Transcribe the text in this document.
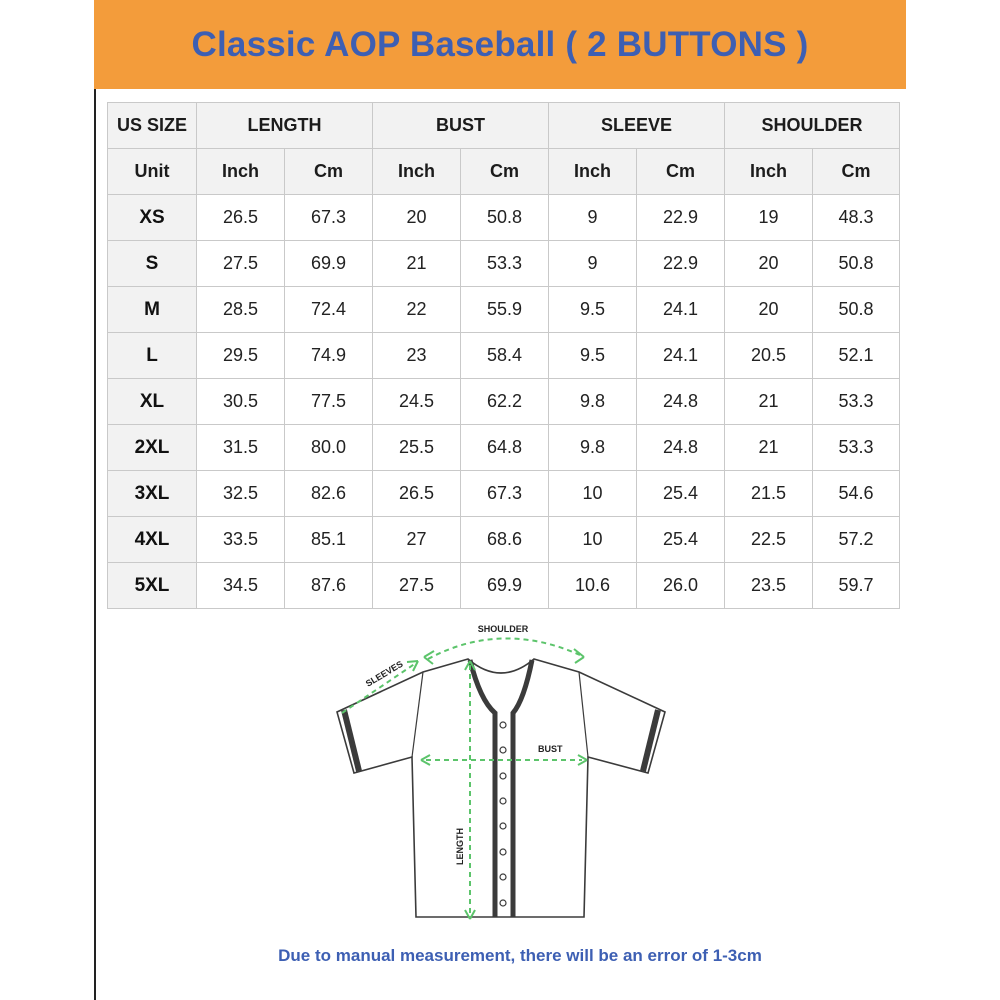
Classic AOP Baseball ( 2 BUTTONS )
US SIZE	LENGTH		BUST		SLEEVE		SHOULDER	
Unit	Inch	Cm	Inch	Cm	Inch	Cm	Inch	Cm
XS	26.5	67.3	20	50.8	9	22.9	19	48.3
S	27.5	69.9	21	53.3	9	22.9	20	50.8
M	28.5	72.4	22	55.9	9.5	24.1	20	50.8
L	29.5	74.9	23	58.4	9.5	24.1	20.5	52.1
XL	30.5	77.5	24.5	62.2	9.8	24.8	21	53.3
2XL	31.5	80.0	25.5	64.8	9.8	24.8	21	53.3
3XL	32.5	82.6	26.5	67.3	10	25.4	21.5	54.6
4XL	33.5	85.1	27	68.6	10	25.4	22.5	57.2
5XL	34.5	87.6	27.5	69.9	10.6	26.0	23.5	59.7
SHOULDER
SLEEVES
BUST
LENGTH
Due to manual measurement, there will be an error of 1-3cm
